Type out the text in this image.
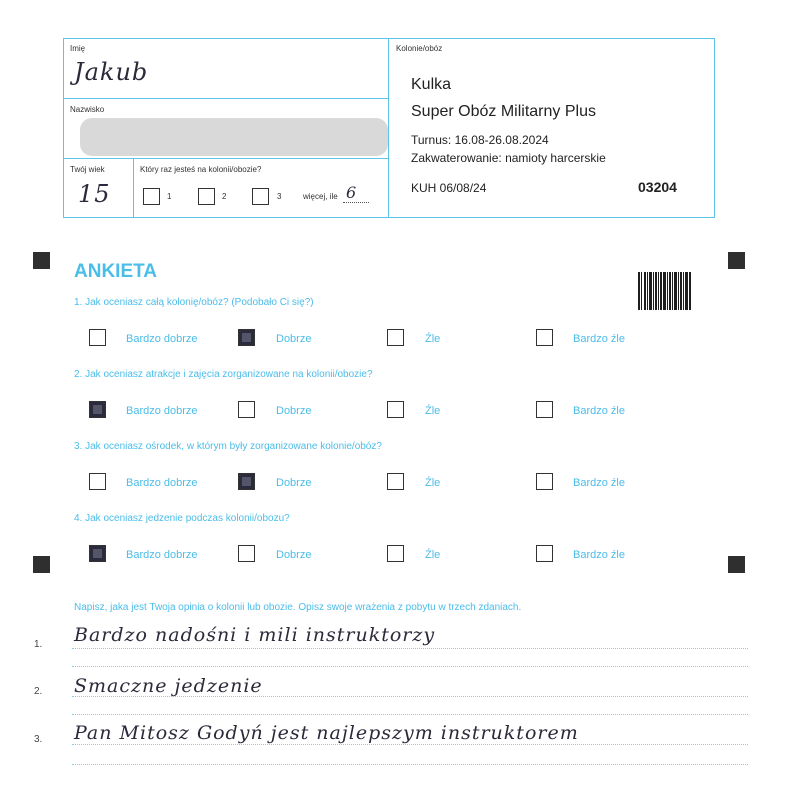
Imię
Jakub
Nazwisko
Twój wiek
15
Który raz jesteś na kolonii/obozie?
1	2	3	więcej, ile 6
Kolonie/obóz
Kulka
Super Obóz Militarny Plus
Turnus: 16.08-26.08.2024
Zakwaterowanie: namioty harcerskie
KUH 06/08/24	03204
ANKIETA
1. Jak oceniasz całą kolonię/obóz? (Podobało Ci się?)
2. Jak oceniasz atrakcje i zajęcia zorganizowane na kolonii/obozie?
3. Jak oceniasz ośrodek, w którym były zorganizowane kolonie/obóz?
4. Jak oceniasz jedzenie podczas kolonii/obozu?
Bardzo dobrze	Dobrze	Źle	Bardzo źle
Bardzo dobrze	Dobrze	Źle	Bardzo źle
Bardzo dobrze	Dobrze	Źle	Bardzo źle
Bardzo dobrze	Dobrze	Źle	Bardzo źle
Napisz, jaka jest Twoja opinia o kolonii lub obozie. Opisz swoje wrażenia z pobytu w trzech zdaniach.
1. Bardzo nadośni i mili instruktorzy
2. Smaczne jedzenie
3. Pan Mitosz Godyń jest najlepszym instruktorem
